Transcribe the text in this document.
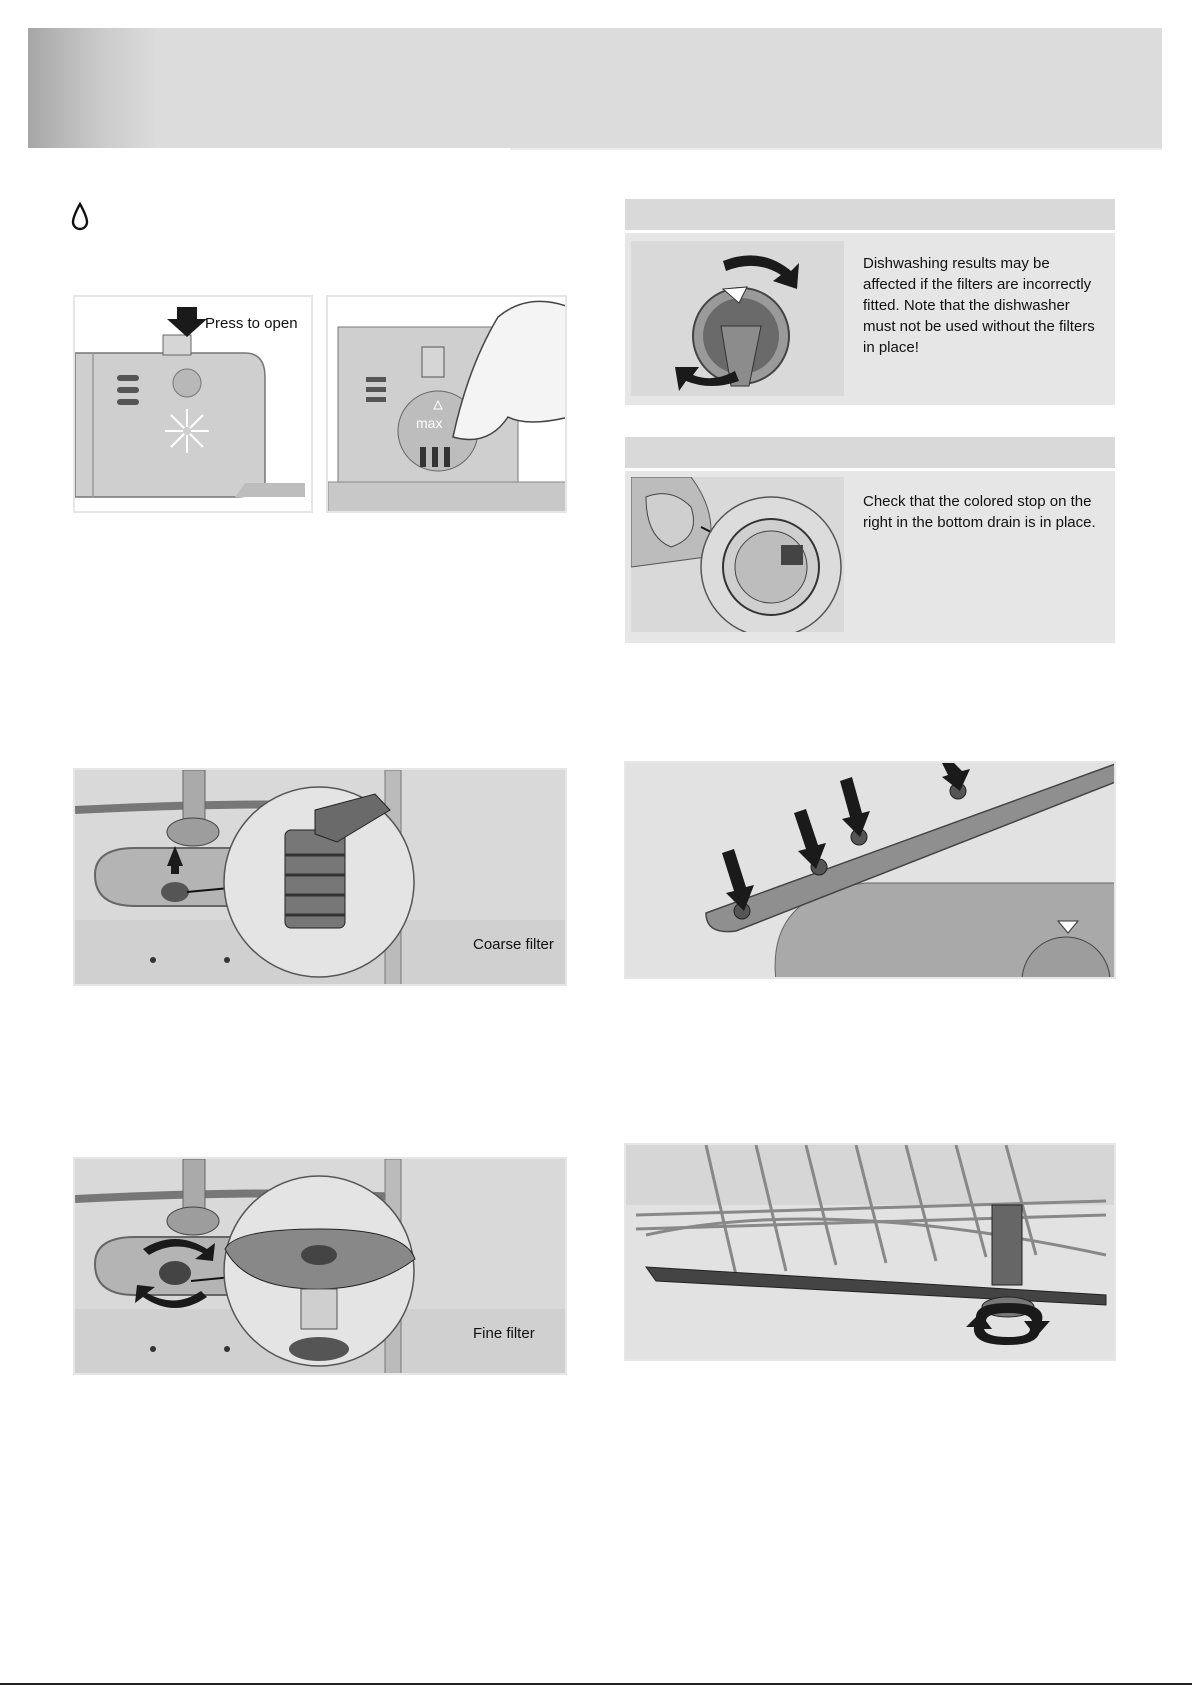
Press to open
max
Dishwashing results may be affected if the filters are incorrectly fitted. Note that the dishwasher must not be used without the filters in place!
Check that the colored stop on the right in the bottom drain is in place.
Coarse filter
Fine filter
